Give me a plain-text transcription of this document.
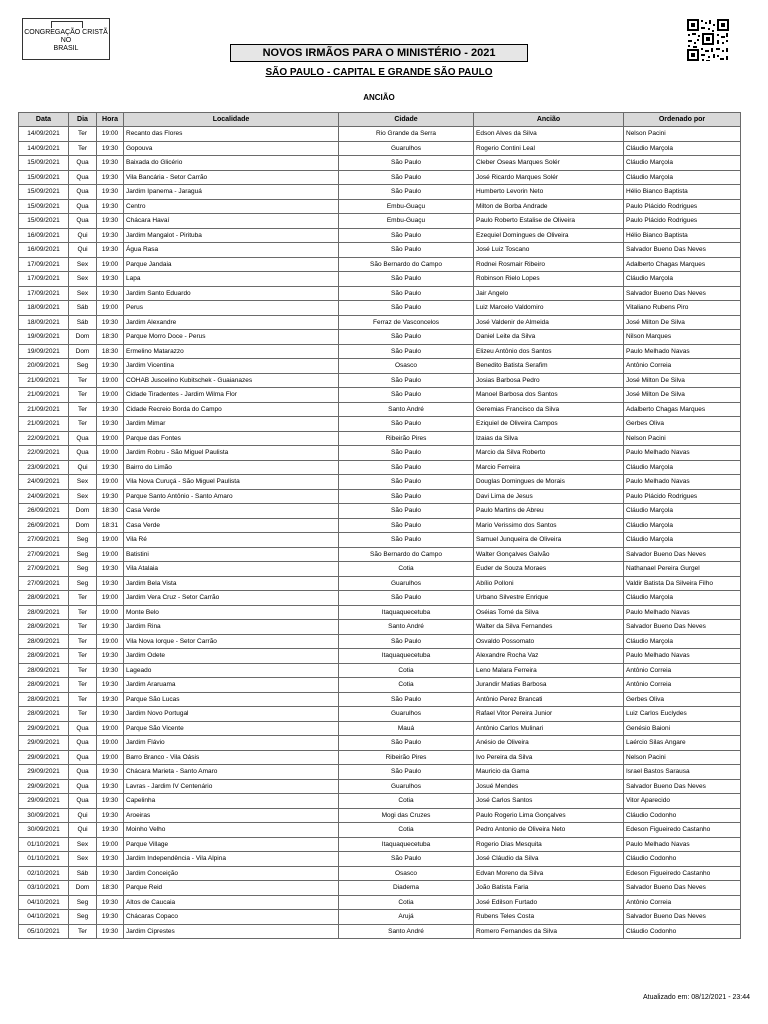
CONGREGAÇÃO CRISTÃ
NO
BRASIL	NOVOS IRMÃOS PARA O MINISTÉRIO - 2021
SÃO PAULO - CAPITAL E GRANDE SÃO PAULO
ANCIÃO
Data	Dia	Hora	Localidade	Cidade	Ancião	Ordenado por
14/09/2021	Ter	19:00	Recanto das Flores	Rio Grande da Serra	Edson Alves da Silva	Nelson Pacini
14/09/2021	Ter	19:30	Gopouva	Guarulhos	Rogerio Contini Leal	Cláudio Marçola
15/09/2021	Qua	19:30	Baixada do Glicério	São Paulo	Cleber Oseas Marques Solér	Cláudio Marçola
15/09/2021	Qua	19:30	Vila Bancária - Setor Carrão	São Paulo	José Ricardo Marques Solér	Cláudio Marçola
15/09/2021	Qua	19:30	Jardim Ipanema - Jaraguá	São Paulo	Humberto Levorin Neto	Hélio Bianco Baptista
15/09/2021	Qua	19:30	Centro	Embu-Guaçu	Milton de Borba Andrade	Paulo Plácido Rodrigues
15/09/2021	Qua	19:30	Chácara Havaí	Embu-Guaçu	Paulo Roberto Estalise de Oliveira	Paulo Plácido Rodrigues
16/09/2021	Qui	19:30	Jardim Mangalot - Pirituba	São Paulo	Ezequiel Domingues de Oliveira	Hélio Bianco Baptista
16/09/2021	Qui	19:30	Água Rasa	São Paulo	José Luiz Toscano	Salvador Bueno Das Neves
17/09/2021	Sex	19:00	Parque Jandaia	São Bernardo do Campo	Rodnei Rosmair Ribeiro	Adalberto Chagas Marques
17/09/2021	Sex	19:30	Lapa	São Paulo	Robinson Rielo Lopes	Cláudio Marçola
17/09/2021	Sex	19:30	Jardim Santo Eduardo	São Paulo	Jair Angelo	Salvador Bueno Das Neves
18/09/2021	Sáb	19:00	Perus	São Paulo	Luiz Marcelo Valdomiro	Vitaliano Rubens Piro
18/09/2021	Sáb	19:30	Jardim Alexandre	Ferraz de Vasconcelos	José Valdenir de Almeida	José Milton De Silva
19/09/2021	Dom	18:30	Parque Morro Doce - Perus	São Paulo	Daniel Leite da Silva	Nilson Marques
19/09/2021	Dom	18:30	Ermelino Matarazzo	São Paulo	Elizeu Antônio dos Santos	Paulo Melhado Navas
20/09/2021	Seg	19:30	Jardim Vicentina	Osasco	Benedito Batista Serafim	Antônio Correia
21/09/2021	Ter	19:00	COHAB Juscelino Kubitschek - Guaianazes	São Paulo	Josias Barbosa Pedro	José Milton De Silva
21/09/2021	Ter	19:00	Cidade Tiradentes - Jardim Wilma Flor	São Paulo	Manoel Barbosa dos Santos	José Milton De Silva
21/09/2021	Ter	19:30	Cidade Recreio Borda do Campo	Santo André	Geremias Francisco da Silva	Adalberto Chagas Marques
21/09/2021	Ter	19:30	Jardim Mimar	São Paulo	Eziquiel de Oliveira Campos	Gerbes Oliva
22/09/2021	Qua	19:00	Parque das Fontes	Ribeirão Pires	Izaias da Silva	Nelson Pacini
22/09/2021	Qua	19:00	Jardim Robru - São Miguel Paulista	São Paulo	Marcio da Silva Roberto	Paulo Melhado Navas
23/09/2021	Qui	19:30	Bairro do Limão	São Paulo	Marcio Ferreira	Cláudio Marçola
24/09/2021	Sex	19:00	Vila Nova Curuçá - São Miguel Paulista	São Paulo	Douglas Domingues de Morais	Paulo Melhado Navas
24/09/2021	Sex	19:30	Parque Santo Antônio - Santo Amaro	São Paulo	Davi Lima de Jesus	Paulo Plácido Rodrigues
26/09/2021	Dom	18:30	Casa Verde	São Paulo	Paulo Martins de Abreu	Cláudio Marçola
26/09/2021	Dom	18:31	Casa Verde	São Paulo	Mario Verissimo dos Santos	Cláudio Marçola
27/09/2021	Seg	19:00	Vila Ré	São Paulo	Samuel Junqueira de Oliveira	Cláudio Marçola
27/09/2021	Seg	19:00	Batistini	São Bernardo do Campo	Walter Gonçalves Galvão	Salvador Bueno Das Neves
27/09/2021	Seg	19:30	Vila Atalaia	Cotia	Euder de Souza Moraes	Nathanael Pereira Gurgel
27/09/2021	Seg	19:30	Jardim Bela Vista	Guarulhos	Abílio Polloni	Valdir Batista Da Silveira Filho
28/09/2021	Ter	19:00	Jardim Vera Cruz - Setor Carrão	São Paulo	Urbano Silvestre Enrique	Cláudio Marçola
28/09/2021	Ter	19:00	Monte Belo	Itaquaquecetuba	Oséias Tomé da Silva	Paulo Melhado Navas
28/09/2021	Ter	19:30	Jardim Rina	Santo André	Walter da Silva Fernandes	Salvador Bueno Das Neves
28/09/2021	Ter	19:00	Vila Nova Iorque - Setor Carrão	São Paulo	Osvaldo Possomato	Cláudio Marçola
28/09/2021	Ter	19:30	Jardim Odete	Itaquaquecetuba	Alexandre Rocha Vaz	Paulo Melhado Navas
28/09/2021	Ter	19:30	Lageado	Cotia	Leno Malara Ferreira	Antônio Correia
28/09/2021	Ter	19:30	Jardim Araruama	Cotia	Jurandir Matias Barbosa	Antônio Correia
28/09/2021	Ter	19:30	Parque São Lucas	São Paulo	Antônio Perez Brancati	Gerbes Oliva
28/09/2021	Ter	19:30	Jardim Novo Portugal	Guarulhos	Rafael Vitor Pereira Junior	Luiz Carlos Euclydes
29/09/2021	Qua	19:00	Parque São Vicente	Mauá	Antônio Carlos Mulinari	Genésio Baioni
29/09/2021	Qua	19:00	Jardim Flávio	São Paulo	Anésio de Oliveira	Laércio Silas Angare
29/09/2021	Qua	19:00	Barro Branco - Vila Oásis	Ribeirão Pires	Ivo Pereira da Silva	Nelson Pacini
29/09/2021	Qua	19:30	Chácara Marieta - Santo Amaro	São Paulo	Mauricio da Gama	Israel Bastos Sarausa
29/09/2021	Qua	19:30	Lavras - Jardim IV Centenário	Guarulhos	Josué Mendes	Salvador Bueno Das Neves
29/09/2021	Qua	19:30	Capelinha	Cotia	José Carlos Santos	Vitor Aparecido
30/09/2021	Qui	19:30	Aroeiras	Mogi das Cruzes	Paulo Rogerio Lima Gonçalves	Cláudio Codonho
30/09/2021	Qui	19:30	Moinho Velho	Cotia	Pedro Antonio de Oliveira Neto	Edeson Figueiredo Castanho
01/10/2021	Sex	19:00	Parque Village	Itaquaquecetuba	Rogerio Dias Mesquita	Paulo Melhado Navas
01/10/2021	Sex	19:30	Jardim Independência - Vila Alpina	São Paulo	José Cláudio da Silva	Cláudio Codonho
02/10/2021	Sáb	19:30	Jardim Conceição	Osasco	Edvan Moreno da Silva	Edeson Figueiredo Castanho
03/10/2021	Dom	18:30	Parque Reid	Diadema	João Batista Faria	Salvador Bueno Das Neves
04/10/2021	Seg	19:30	Altos de Caucaia	Cotia	José Edilson Furtado	Antônio Correia
04/10/2021	Seg	19:30	Chácaras Copaco	Arujá	Rubens Teles Costa	Salvador Bueno Das Neves
05/10/2021	Ter	19:30	Jardim Ciprestes	Santo André	Romero Fernandes da Silva	Cláudio Codonho
Atualizado em: 08/12/2021 - 23:44
